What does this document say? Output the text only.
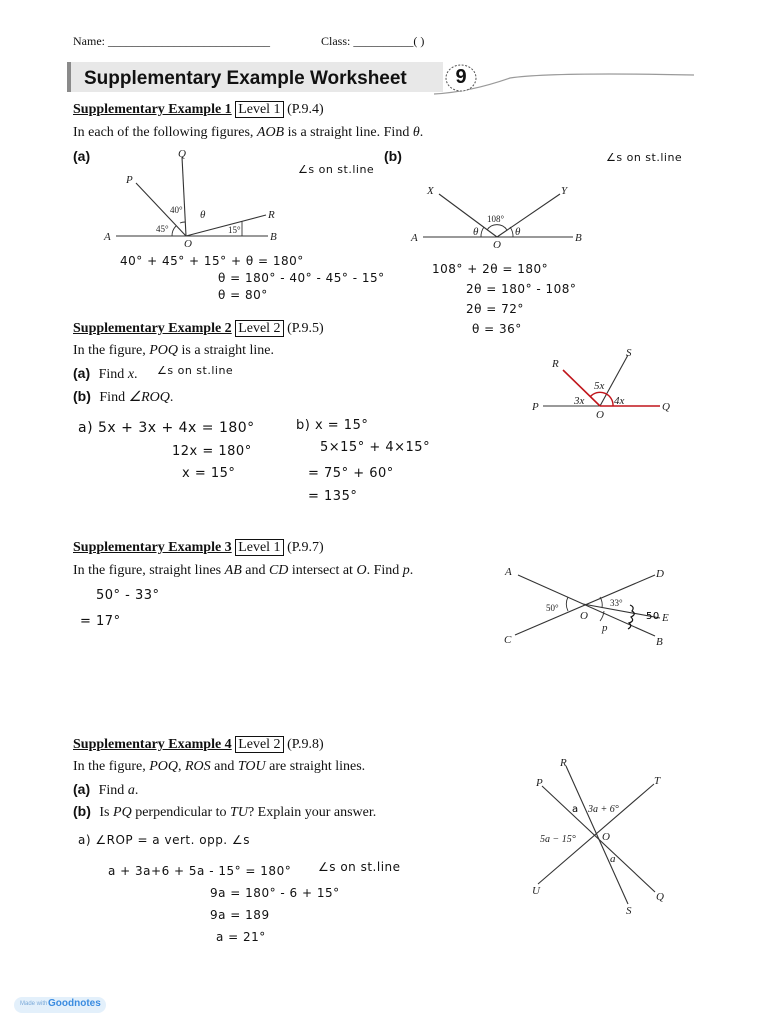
Name: ___________________________	Class: __________( )
Supplementary Example Worksheet 9
Supplementary Example 1 Level 1 (P.9.4)
In each of the following figures, AOB is a straight line. Find θ.
(a)	(b)
A	B
O
P
Q
R
40°
45°	15°
θ
∠s on st.line
40° + 45° + 15° + θ = 180°
θ = 180° - 40° - 45° - 15°
θ = 80°
A	B
O
X	Y
108°
θ	θ
∠s on st.line
108° + 2θ = 180°
2θ = 180° - 108°
2θ = 72°
θ = 36°
Supplementary Example 2 Level 2 (P.9.5)
In the figure, POQ is a straight line.
(a) Find x. ∠s on st.line
(b) Find ∠ROQ.
P	Q
O
R
S
3x
5x
4x
a) 5x + 3x + 4x = 180°
12x = 180°
x = 15°
b) x = 15°
5×15° + 4×15°
= 75° + 60°
= 135°
Supplementary Example 3 Level 1 (P.9.7)
In the figure, straight lines AB and CD intersect at O. Find p.
50° - 33°
= 17°
A
B
C
D
E
O
50°	33°
p
50
Supplementary Example 4 Level 2 (P.9.8)
In the figure, POQ, ROS and TOU are straight lines.
(a) Find a.
(b) Is PQ perpendicular to TU? Explain your answer.
a) ∠ROP = a vert. opp. ∠s
a + 3a+6 + 5a - 15° = 180° ∠s on st.line
9a = 180° - 6 + 15°
9a = 189
a = 21°
P
Q
R
S
T
U
O
a
a
3a + 6°
5a − 15°
Made with Goodnotes
